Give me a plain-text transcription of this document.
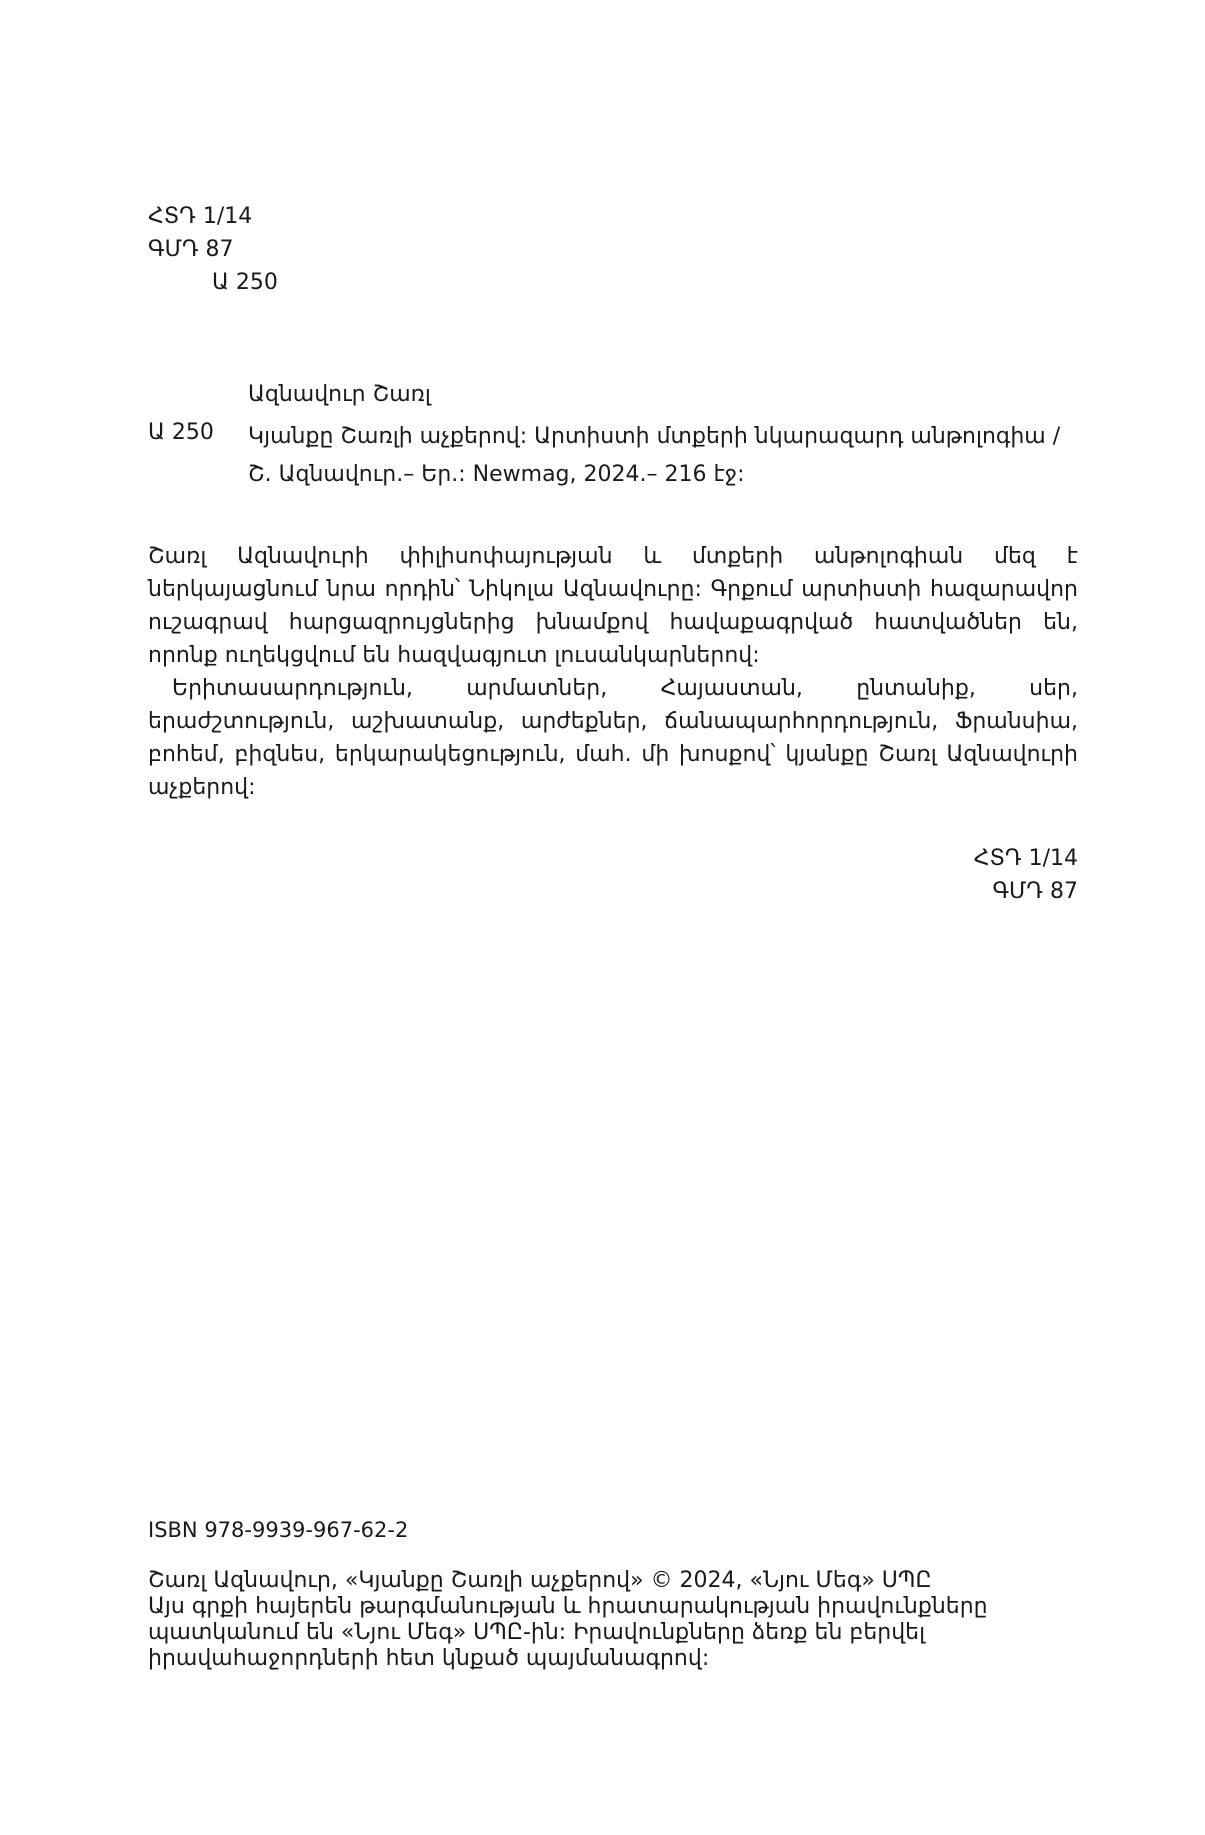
ՀՏԴ 1/14
ԳՄԴ 87
Ա 250
Ազնավուր Շառլ
Ա 250 Կյանքը Շառլի աչքերով: Արտիստի մտքերի նկարազարդ անթոլոգիա /
Շ. Ազնավուր.– Եր.: Newmag, 2024.– 216 էջ:

Շառլ Ազնավուրի փիլիսոփայության և մտքերի անթոլոգիան մեզ է ներկայացնում նրա որդին՝ Նիկոլա Ազնավուրը: Գրքում արտիստի հազարավոր ուշագրավ հարցազրույցներից խնամքով հավաքագրված հատվածներ են, որոնք ուղեկցվում են հազվագյուտ լուսանկարներով:

Երիտասարդություն, արմատներ, Հայաստան, ընտանիք, սեր, երաժշտություն, աշխատանք, արժեքներ, ճանապարհորդություն, Ֆրանսիա, բոհեմ, բիզնես, երկարակեցություն, մահ. մի խոսքով՝ կյանքը Շառլ Ազնավուրի աչքերով:

ՀՏԴ 1/14
ԳՄԴ 87
ISBN 978-9939-967-62-2

Շառլ Ազնավուր, «Կյանքը Շառլի աչքերով» © 2024, «Նյու Մեգ» ՍՊԸ

Այս գրքի հայերեն թարգմանության և հրատարակության իրավունքները պատկանում են «Նյու Մեգ» ՍՊԸ-ին: Իրավունքները ձեռք են բերվել իրավահաջորդների հետ կնքած պայմանագրով:
